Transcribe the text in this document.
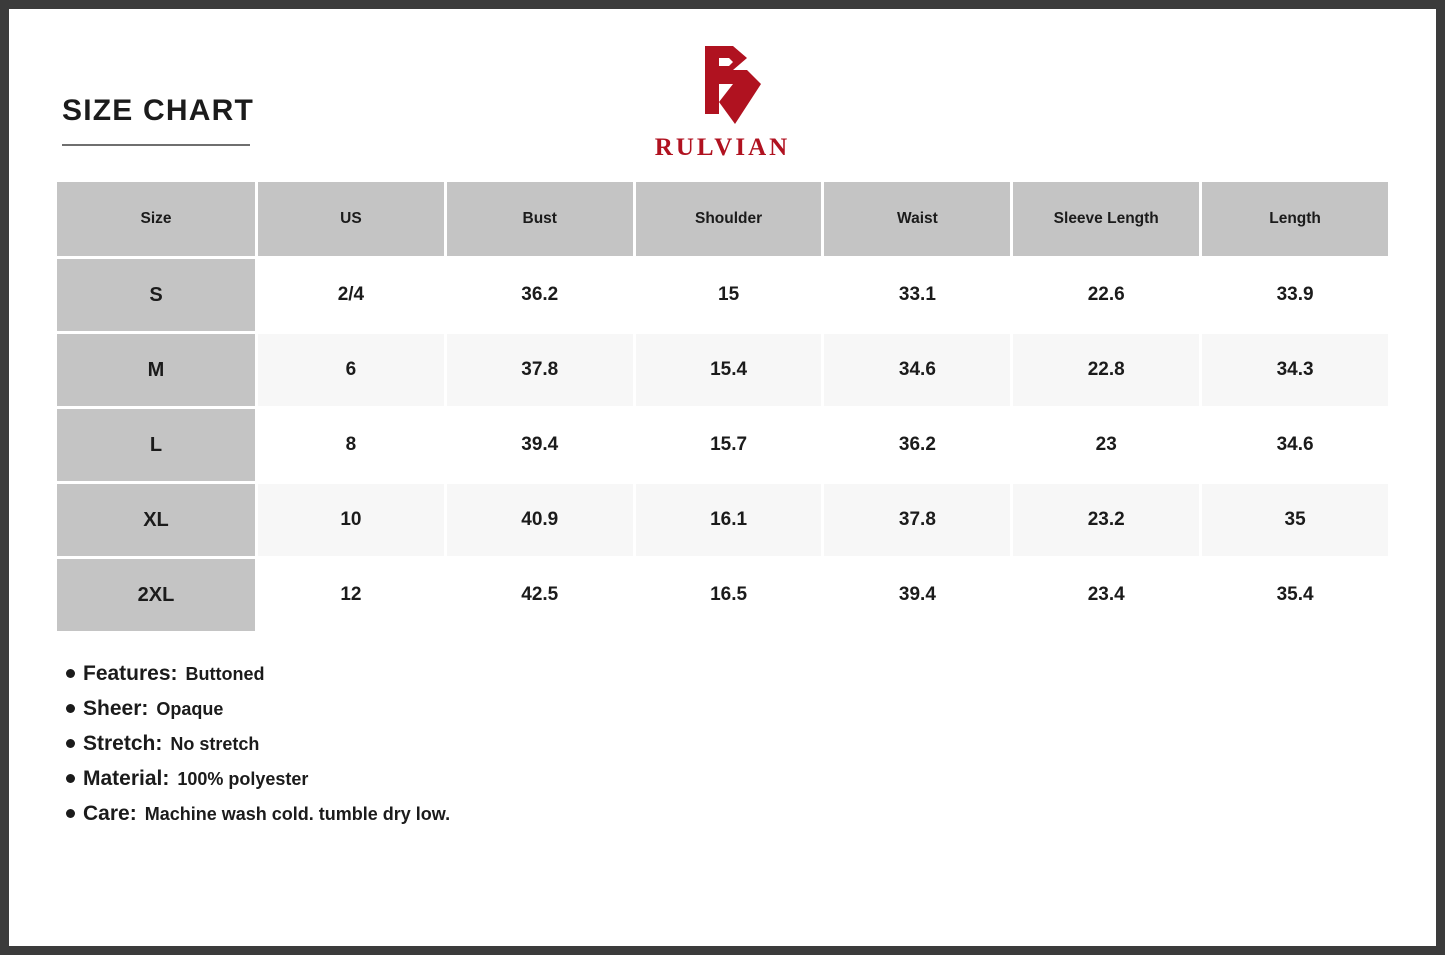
SIZE CHART
RULVIAN
Size	US	Bust	Shoulder	Waist	Sleeve Length	Length
S	2/4	36.2	15	33.1	22.6	33.9
M	6	37.8	15.4	34.6	22.8	34.3
L	8	39.4	15.7	36.2	23	34.6
XL	10	40.9	16.1	37.8	23.2	35
2XL	12	42.5	16.5	39.4	23.4	35.4
Features: Buttoned
Sheer: Opaque
Stretch: No stretch
Material: 100% polyester
Care: Machine wash cold. tumble dry low.
